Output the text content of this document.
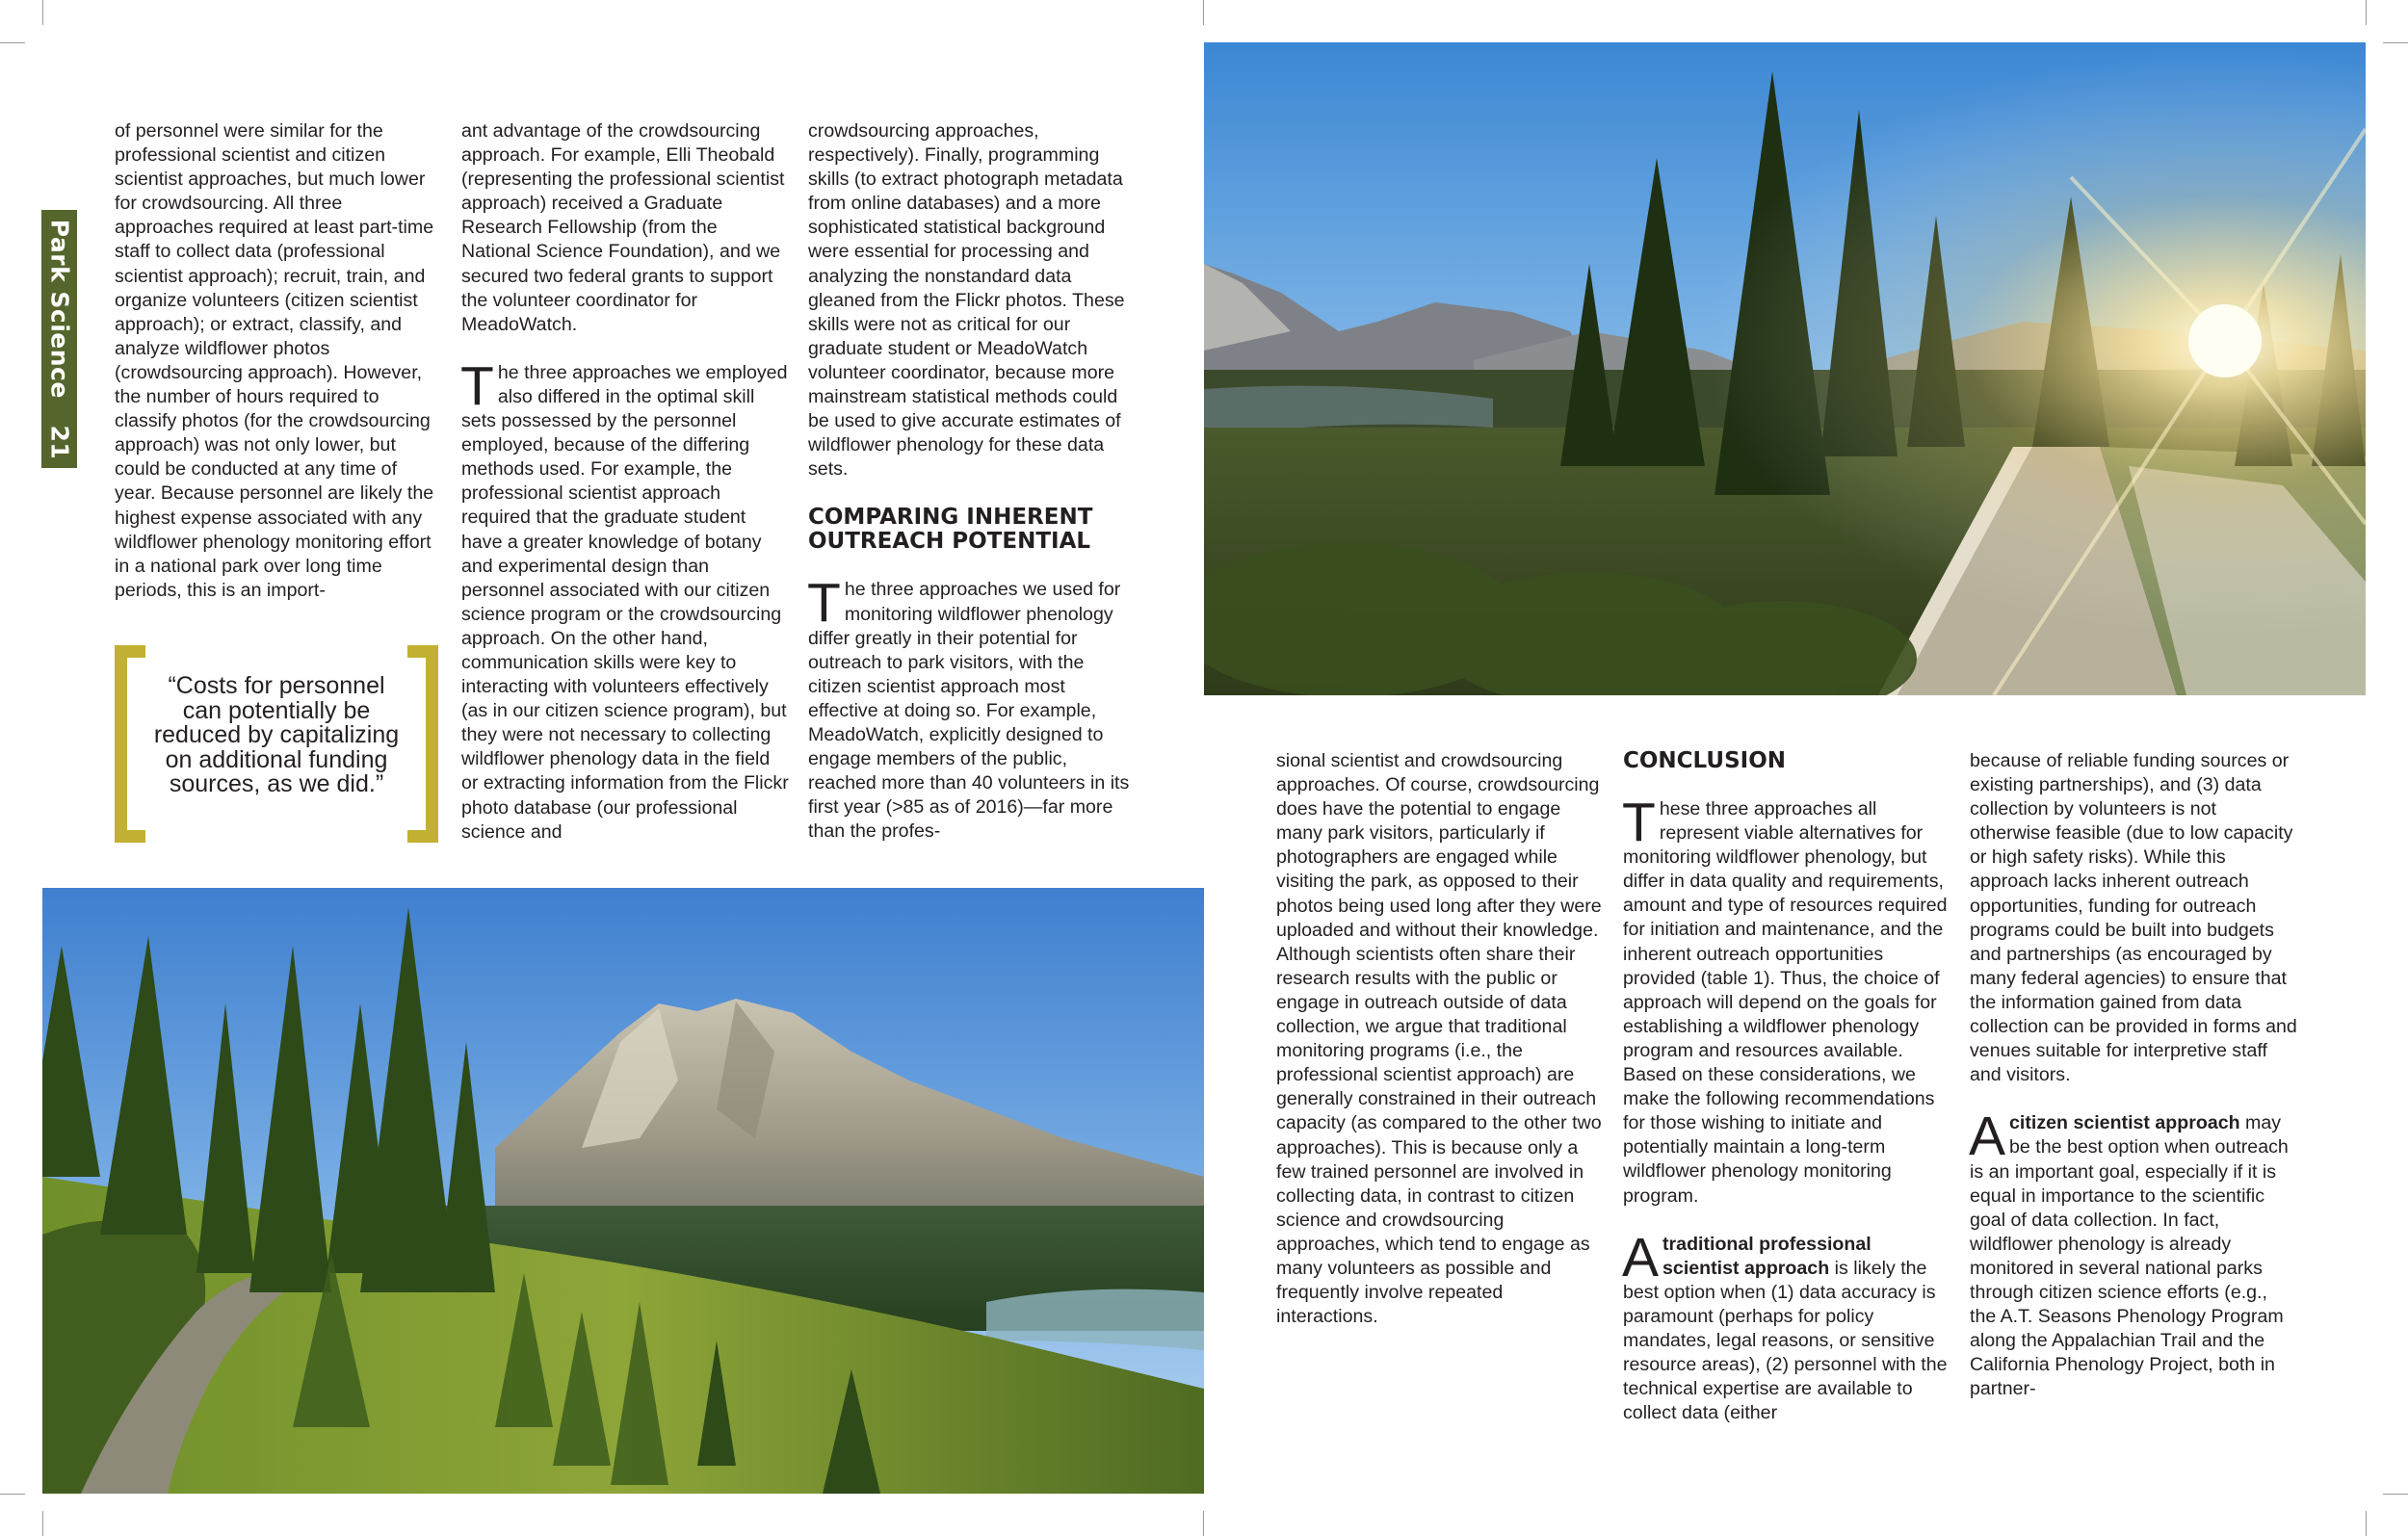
Park Science   21

of personnel were similar for the professional scientist and citizen scientist approaches, but much lower for crowdsourcing. All three approaches required at least part-time staff to collect data (professional scientist approach); recruit, train, and organize volunteers (citizen scientist approach); or extract, classify, and analyze wildflower photos (crowdsourcing approach). However, the number of hours required to classify photos (for the crowdsourcing approach) was not only lower, but could be conducted at any time of year. Because personnel are likely the highest expense associated with any wildflower phenology monitoring effort in a national park over long time periods, this is an import-

ant advantage of the crowdsourcing approach. For example, Elli Theobald (representing the professional scientist approach) received a Graduate Research Fellowship (from the National Science Foundation), and we secured two federal grants to support the volunteer coordinator for MeadoWatch.

The three approaches we employed also differed in the optimal skill sets possessed by the personnel employed, because of the differing methods used. For example, the professional scientist approach required that the graduate student have a greater knowledge of botany and experimental design than personnel associated with our citizen science program or the crowdsourcing approach. On the other hand, communication skills were key to interacting with volunteers effectively (as in our citizen science program), but they were not necessary to collecting wildflower phenology data in the field or extracting information from the Flickr photo database (our professional science and

crowdsourcing approaches, respectively). Finally, programming skills (to extract photograph metadata from online databases) and a more sophisticated statistical background were essential for processing and analyzing the nonstandard data gleaned from the Flickr photos. These skills were not as critical for our graduate student or MeadoWatch volunteer coordinator, because more mainstream statistical methods could be used to give accurate estimates of wildflower phenology for these data sets.

COMPARING INHERENT OUTREACH POTENTIAL

The three approaches we used for monitoring wildflower phenology differ greatly in their potential for outreach to park visitors, with the citizen scientist approach most effective at doing so. For example, MeadoWatch, explicitly designed to engage members of the public, reached more than 40 volunteers in its first year (>85 as of 2016)—far more than the profes-

“Costs for personnel can potentially be reduced by capitalizing on additional funding sources, as we did.”

sional scientist and crowdsourcing approaches. Of course, crowdsourcing does have the potential to engage many park visitors, particularly if photographers are engaged while visiting the park, as opposed to their photos being used long after they were uploaded and without their knowledge. Although scientists often share their research results with the public or engage in outreach outside of data collection, we argue that traditional monitoring programs (i.e., the professional scientist approach) are generally constrained in their outreach capacity (as compared to the other two approaches). This is because only a few trained personnel are involved in collecting data, in contrast to citizen science and crowdsourcing approaches, which tend to engage as many volunteers as possible and frequently involve repeated interactions.

CONCLUSION

These three approaches all represent viable alternatives for monitoring wildflower phenology, but differ in data quality and requirements, amount and type of resources required for initiation and maintenance, and the inherent outreach opportunities provided (table 1). Thus, the choice of approach will depend on the goals for establishing a wildflower phenology program and resources available. Based on these considerations, we make the following recommendations for those wishing to initiate and potentially maintain a long-term wildflower phenology monitoring program.

A traditional professional scientist approach is likely the best option when (1) data accuracy is paramount (perhaps for policy mandates, legal reasons, or sensitive resource areas), (2) personnel with the technical expertise are available to collect data (either

because of reliable funding sources or existing partnerships), and (3) data collection by volunteers is not otherwise feasible (due to low capacity or high safety risks). While this approach lacks inherent outreach opportunities, funding for outreach programs could be built into budgets and partnerships (as encouraged by many federal agencies) to ensure that the information gained from data collection can be provided in forms and venues suitable for interpretive staff and visitors.

A citizen scientist approach may be the best option when outreach is an important goal, especially if it is equal in importance to the scientific goal of data collection. In fact, wildflower phenology is already monitored in several national parks through citizen science efforts (e.g., the A.T. Seasons Phenology Program along the Appalachian Trail and the California Phenology Project, both in partner-
